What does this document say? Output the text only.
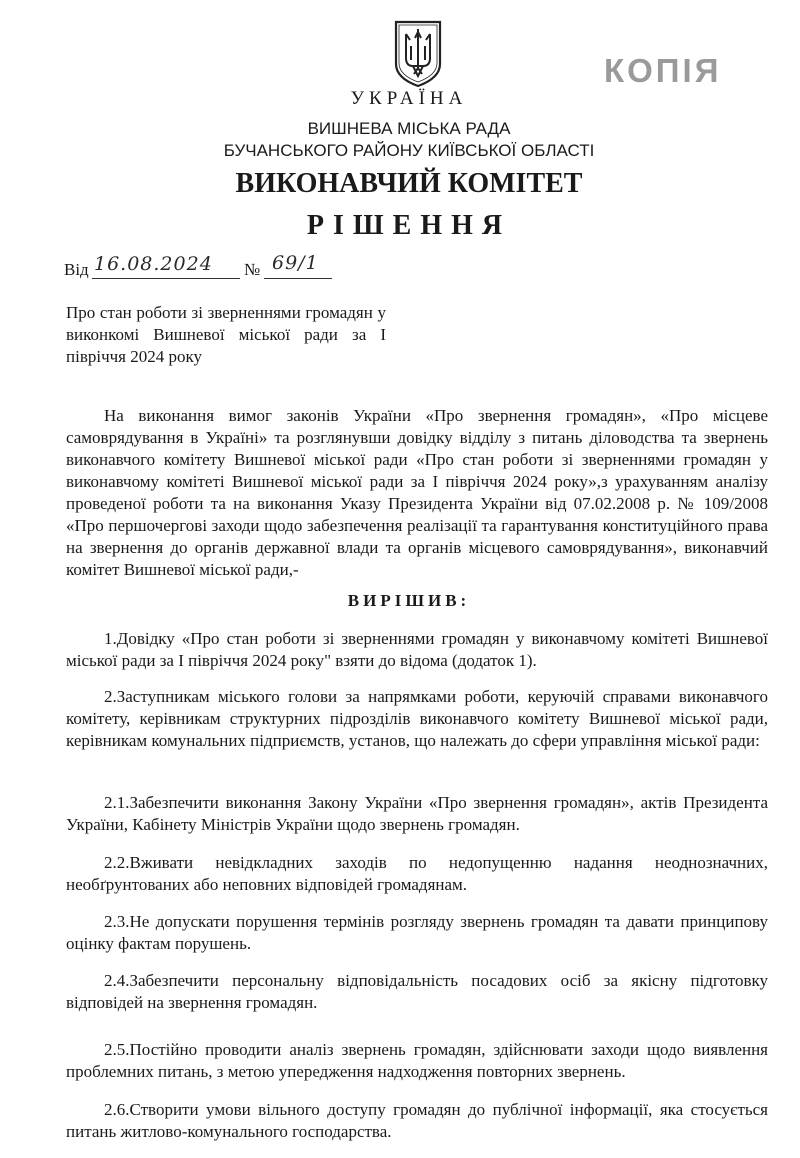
КОПІЯ
УКРАЇНА
ВИШНЕВА МІСЬКА РАДА
БУЧАНСЬКОГО РАЙОНУ КИЇВСЬКОЇ ОБЛАСТІ
ВИКОНАВЧИЙ КОМІТЕТ
РІШЕННЯ
Від 16.08.2024 № 69/1
Про стан роботи зі зверненнями громадян у виконкомі Вишневої міської ради за І півріччя 2024 року
На виконання вимог законів України «Про звернення громадян», «Про місцеве самоврядування в Україні» та розглянувши довідку відділу з питань діловодства та звернень виконавчого комітету Вишневої міської ради «Про стан роботи зі зверненнями громадян у виконавчому комітеті Вишневої міської ради за І півріччя 2024 року»,з урахуванням аналізу проведеної роботи та на виконання Указу Президента України від 07.02.2008 р. № 109/2008 «Про першочергові заходи щодо забезпечення реалізації та гарантування конституційного права на звернення до органів державної влади та органів місцевого самоврядування», виконавчий комітет Вишневої міської ради,-
ВИРІШИВ:
1.Довідку «Про стан роботи зі зверненнями громадян у виконавчому комітеті Вишневої міської ради за І півріччя 2024 року" взяти до відома (додаток 1).
2.Заступникам міського голови за напрямками роботи, керуючій справами виконавчого комітету, керівникам структурних підрозділів виконавчого комітету Вишневої міської ради, керівникам комунальних підприємств, установ, що належать до сфери управління міської ради:
2.1.Забезпечити виконання Закону України «Про звернення громадян», актів Президента України, Кабінету Міністрів України щодо звернень громадян.
2.2.Вживати невідкладних заходів по недопущенню надання неоднозначних, необґрунтованих або неповних відповідей громадянам.
2.3.Не допускати порушення термінів розгляду звернень громадян та давати принципову оцінку фактам порушень.
2.4.Забезпечити персональну відповідальність посадових осіб за якісну підготовку відповідей на звернення громадян.
2.5.Постійно проводити аналіз звернень громадян, здійснювати заходи щодо виявлення проблемних питань, з метою упередження надходження повторних звернень.
2.6.Створити умови вільного доступу громадян до публічної інформації, яка стосується питань житлово-комунального господарства.
